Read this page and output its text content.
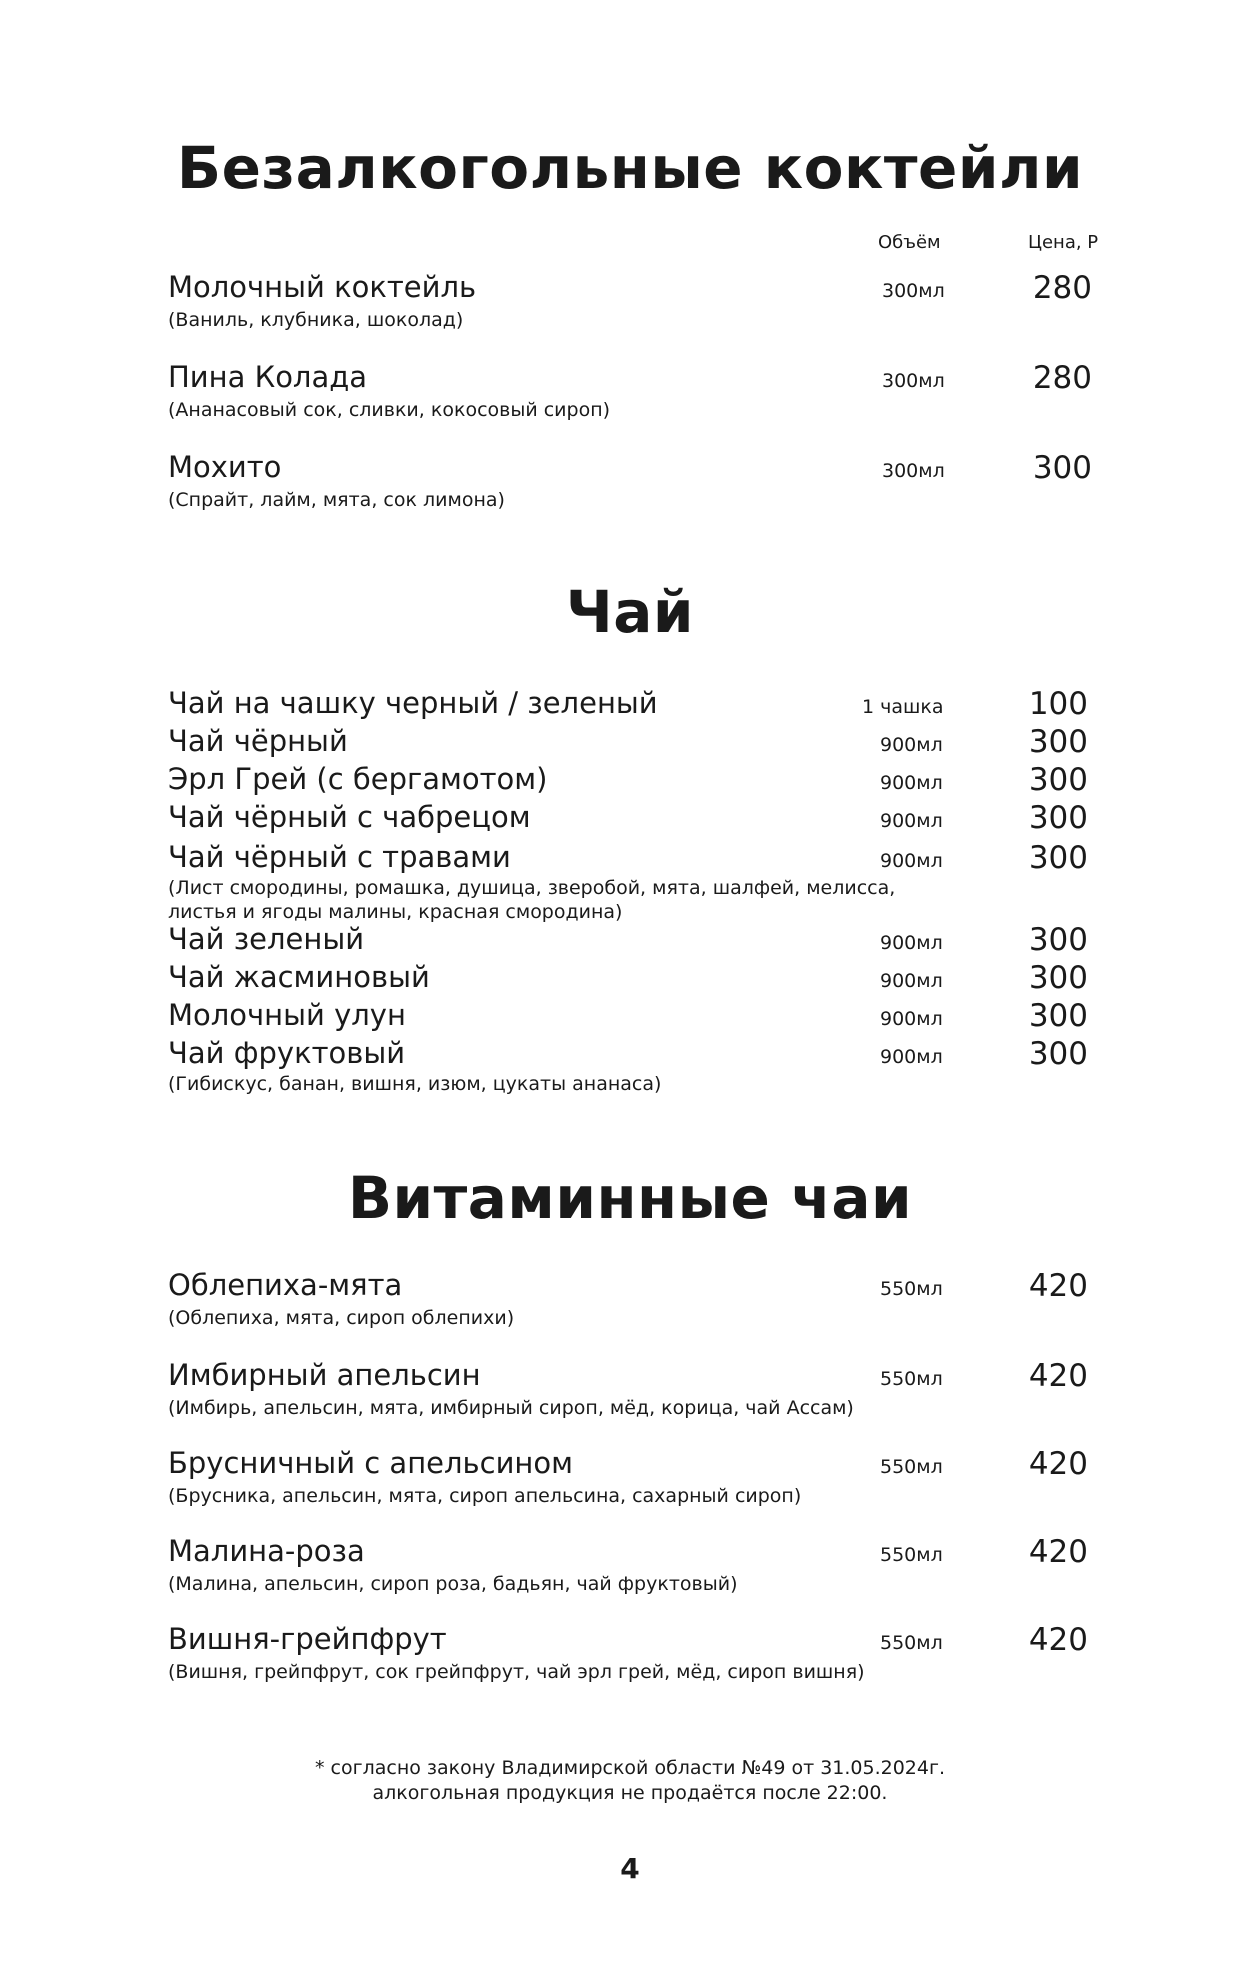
Безалкогольные коктейли
Объём	Цена, Р
Молочный коктейль	300мл	280
(Ваниль, клубника, шоколад)
Пина Колада	300мл	280
(Ананасовый сок, сливки, кокосовый сироп)
Мохито	300мл	300
(Спрайт, лайм, мята, сок лимона)
Чай
Чай на чашку черный / зеленый	1 чашка	100
Чай чёрный	900мл	300
Эрл Грей (с бергамотом)	900мл	300
Чай чёрный с чабрецом	900мл	300
Чай чёрный с травами	900мл	300
(Лист смородины, ромашка, душица, зверобой, мята, шалфей, мелисса,
листья и ягоды малины, красная смородина)
Чай зеленый	900мл	300
Чай жасминовый	900мл	300
Молочный улун	900мл	300
Чай фруктовый	900мл	300
(Гибискус, банан, вишня, изюм, цукаты ананаса)
Витаминные чаи
Облепиха-мята	550мл	420
(Облепиха, мята, сироп облепихи)
Имбирный апельсин	550мл	420
(Имбирь, апельсин, мята, имбирный сироп, мёд, корица, чай Ассам)
Брусничный с апельсином	550мл	420
(Брусника, апельсин, мята, сироп апельсина, сахарный сироп)
Малина-роза	550мл	420
(Малина, апельсин, сироп роза, бадьян, чай фруктовый)
Вишня-грейпфрут	550мл	420
(Вишня, грейпфрут, сок грейпфрут, чай эрл грей, мёд, сироп вишня)
* согласно закону Владимирской области №49 от 31.05.2024г.
алкогольная продукция не продаётся после 22:00.
4
